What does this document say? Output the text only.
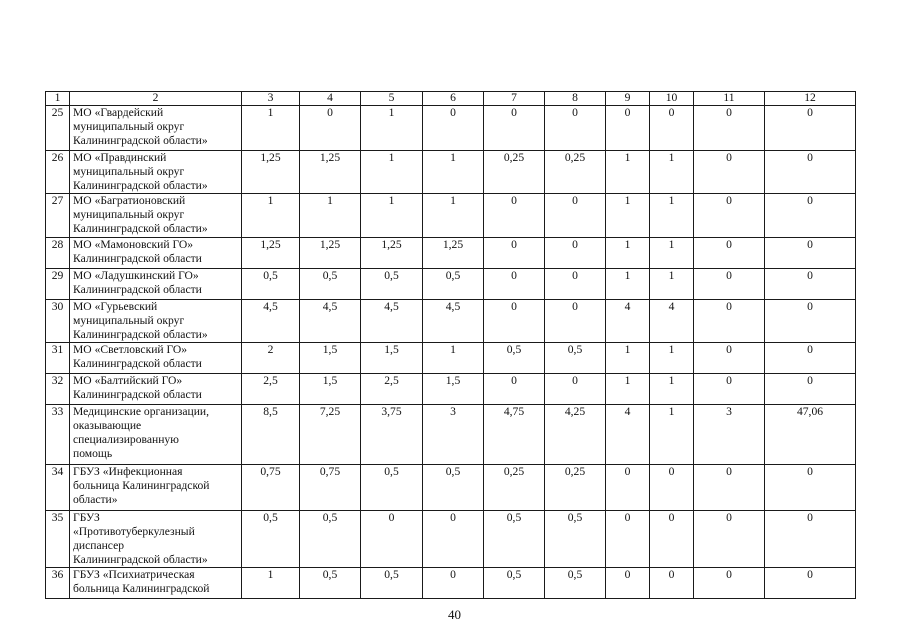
1	2	3	4	5	6	7	8	9	10	11	12
25	МО «Гвардейский
муниципальный округ
Калининградской области»	1	0	1	0	0	0	0	0	0	0
26	МО «Правдинский
муниципальный округ
Калининградской области»	1,25	1,25	1	1	0,25	0,25	1	1	0	0
27	МО «Багратионовский
муниципальный округ
Калининградской области»	1	1	1	1	0	0	1	1	0	0
28	МО «Мамоновский ГО»
Калининградской области	1,25	1,25	1,25	1,25	0	0	1	1	0	0
29	МО «Ладушкинский ГО»
Калининградской области	0,5	0,5	0,5	0,5	0	0	1	1	0	0
30	МО «Гурьевский
муниципальный округ
Калининградской области»	4,5	4,5	4,5	4,5	0	0	4	4	0	0
31	МО «Светловский ГО»
Калининградской области	2	1,5	1,5	1	0,5	0,5	1	1	0	0
32	МО «Балтийский ГО»
Калининградской области	2,5	1,5	2,5	1,5	0	0	1	1	0	0
33	Медицинские организации,
оказывающие
специализированную
помощь	8,5	7,25	3,75	3	4,75	4,25	4	1	3	47,06
34	ГБУЗ «Инфекционная
больница Калининградской
области»	0,75	0,75	0,5	0,5	0,25	0,25	0	0	0	0
35	ГБУЗ
«Противотуберкулезный
диспансер
Калининградской области»	0,5	0,5	0	0	0,5	0,5	0	0	0	0
36	ГБУЗ «Психиатрическая
больница Калининградской	1	0,5	0,5	0	0,5	0,5	0	0	0	0
40
